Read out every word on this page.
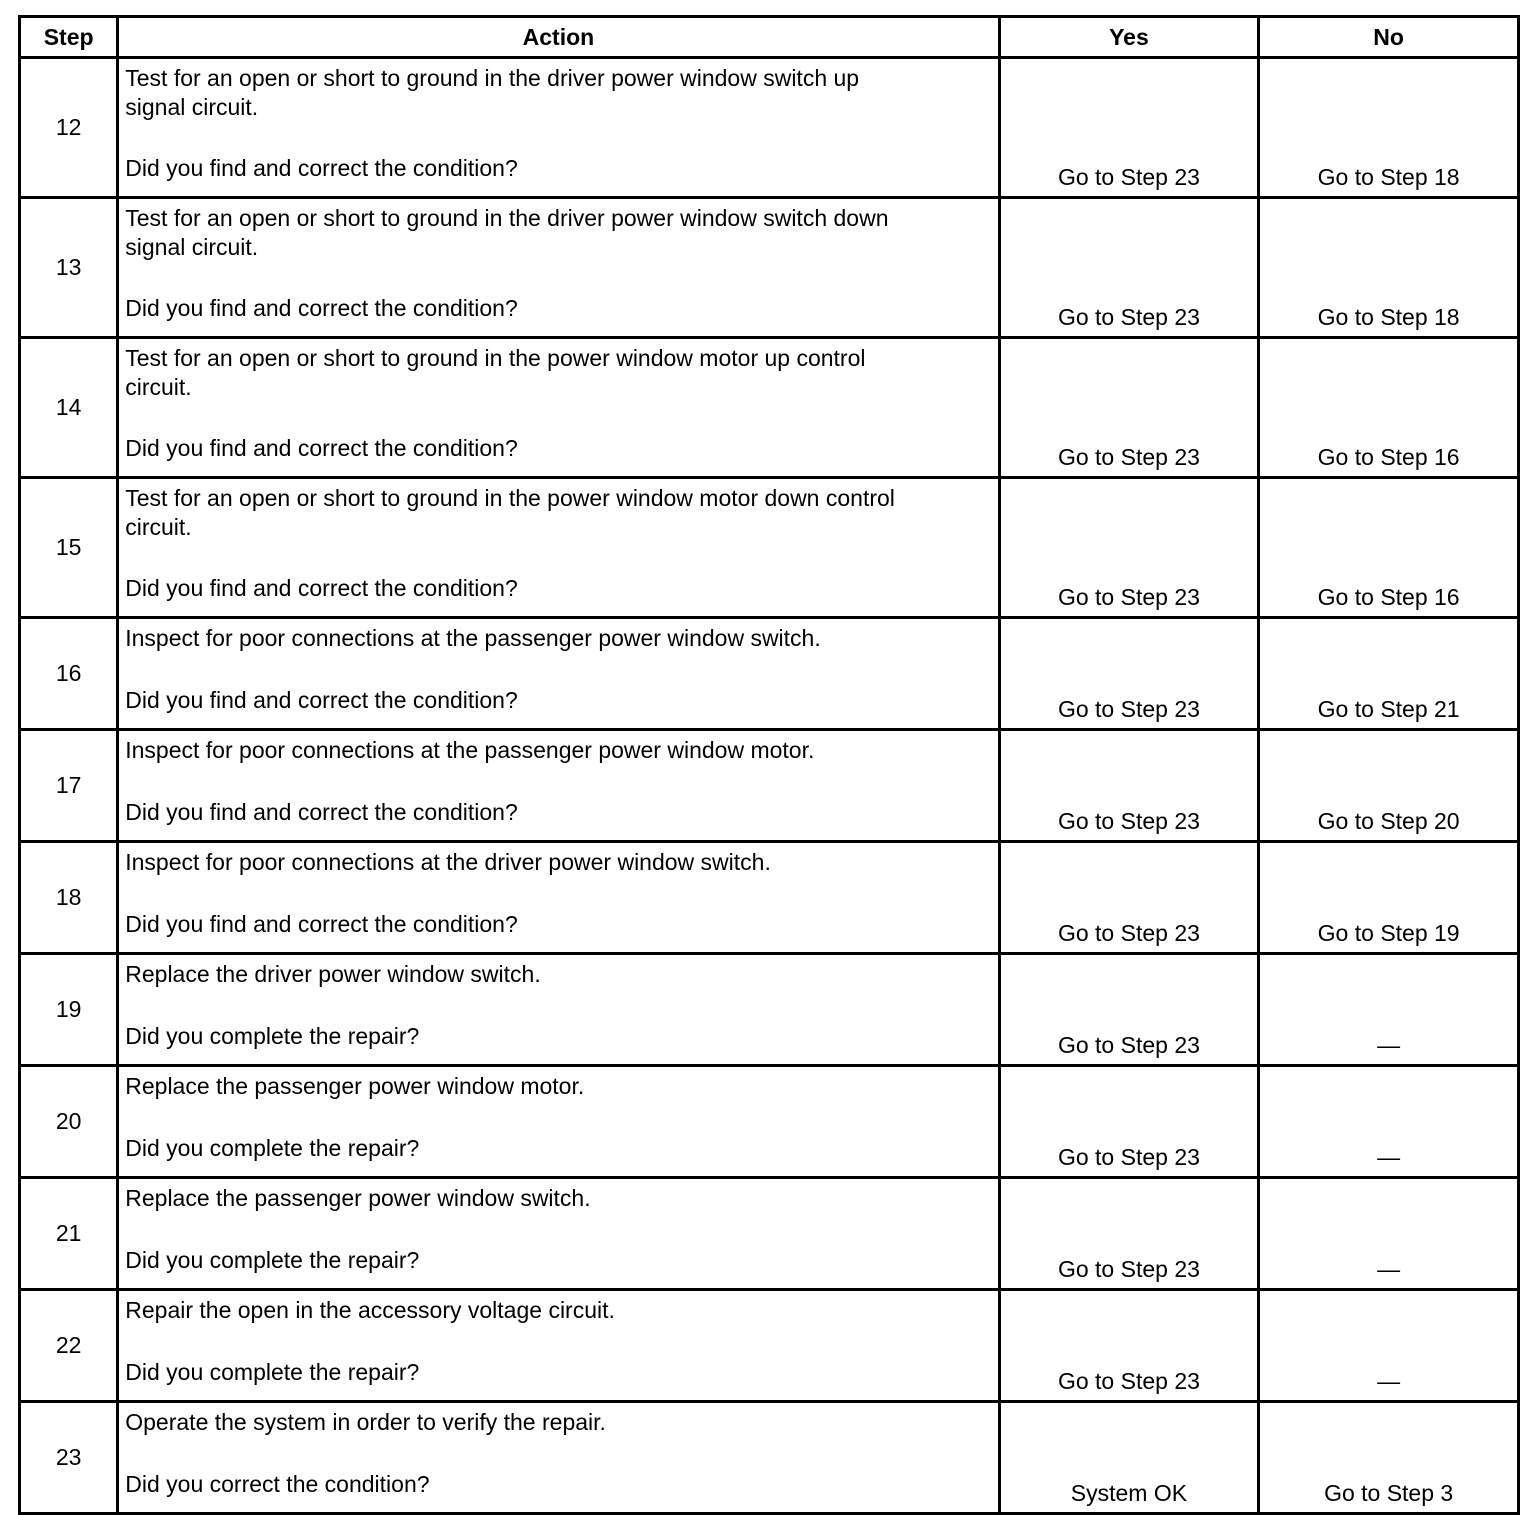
Step	Action	Yes	No
12	Test for an open or short to ground in the driver power window switch up
signal circuit.
Did you find and correct the condition?	Go to Step 23	Go to Step 18
13	Test for an open or short to ground in the driver power window switch down
signal circuit.
Did you find and correct the condition?	Go to Step 23	Go to Step 18
14	Test for an open or short to ground in the power window motor up control
circuit.
Did you find and correct the condition?	Go to Step 23	Go to Step 16
15	Test for an open or short to ground in the power window motor down control
circuit.
Did you find and correct the condition?	Go to Step 23	Go to Step 16
16	Inspect for poor connections at the passenger power window switch.
Did you find and correct the condition?	Go to Step 23	Go to Step 21
17	Inspect for poor connections at the passenger power window motor.
Did you find and correct the condition?	Go to Step 23	Go to Step 20
18	Inspect for poor connections at the driver power window switch.
Did you find and correct the condition?	Go to Step 23	Go to Step 19
19	Replace the driver power window switch.
Did you complete the repair?	Go to Step 23	—
20	Replace the passenger power window motor.
Did you complete the repair?	Go to Step 23	—
21	Replace the passenger power window switch.
Did you complete the repair?	Go to Step 23	—
22	Repair the open in the accessory voltage circuit.
Did you complete the repair?	Go to Step 23	—
23	Operate the system in order to verify the repair.
Did you correct the condition?	System OK	Go to Step 3
